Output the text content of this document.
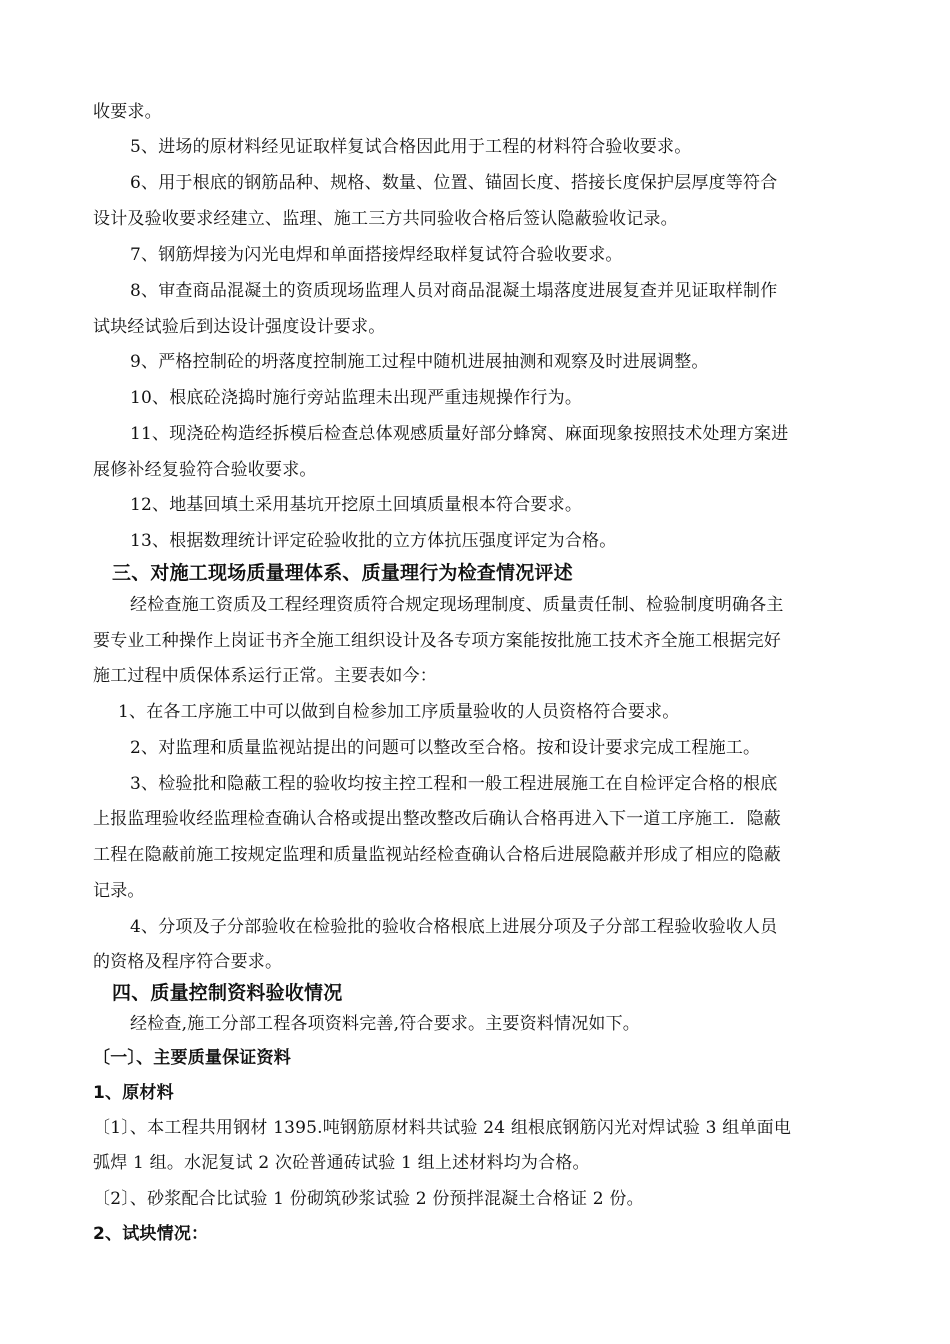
收要求。
5、进场的原材料经见证取样复试合格因此用于工程的材料符合验收要求。
6、用于根底的钢筋品种、规格、数量、位置、锚固长度、搭接长度保护层厚度等符合
设计及验收要求经建立、监理、施工三方共同验收合格后签认隐蔽验收记录。
7、钢筋焊接为闪光电焊和单面搭接焊经取样复试符合验收要求。
8、审查商品混凝土的资质现场监理人员对商品混凝土塌落度进展复查并见证取样制作
试块经试验后到达设计强度设计要求。
9、严格控制砼的坍落度控制施工过程中随机进展抽测和观察及时进展调整。
10、根底砼浇捣时施行旁站监理未出现严重违规操作行为。
11、现浇砼构造经拆模后检查总体观感质量好部分蜂窝、麻面现象按照技术处理方案进
展修补经复验符合验收要求。
12、地基回填土采用基坑开挖原土回填质量根本符合要求。
13、根据数理统计评定砼验收批的立方体抗压强度评定为合格。
三、对施工现场质量理体系、质量理行为检查情况评述
经检查施工资质及工程经理资质符合规定现场理制度、质量责任制、检验制度明确各主
要专业工种操作上岗证书齐全施工组织设计及各专项方案能按批施工技术齐全施工根据完好
施工过程中质保体系运行正常。主要表如今：
1、在各工序施工中可以做到自检参加工序质量验收的人员资格符合要求。
2、对监理和质量监视站提出的问题可以整改至合格。按和设计要求完成工程施工。
3、检验批和隐蔽工程的验收均按主控工程和一般工程进展施工在自检评定合格的根底
上报监理验收经监理检查确认合格或提出整改整改后确认合格再进入下一道工序施工．隐蔽
工程在隐蔽前施工按规定监理和质量监视站经检查确认合格后进展隐蔽并形成了相应的隐蔽
记录。
4、分项及子分部验收在检验批的验收合格根底上进展分项及子分部工程验收验收人员
的资格及程序符合要求。
四、质量控制资料验收情况
经检查,施工分部工程各项资料完善,符合要求。主要资料情况如下。
〔一〕、主要质量保证资料
1、原材料
〔1〕、本工程共用钢材 1395.吨钢筋原材料共试验 24 组根底钢筋闪光对焊试验 3 组单面电
弧焊 1 组。水泥复试 2 次砼普通砖试验 1 组上述材料均为合格。
〔2〕、砂浆配合比试验 1 份砌筑砂浆试验 2 份预拌混凝土合格证 2 份。
2、试块情况：
